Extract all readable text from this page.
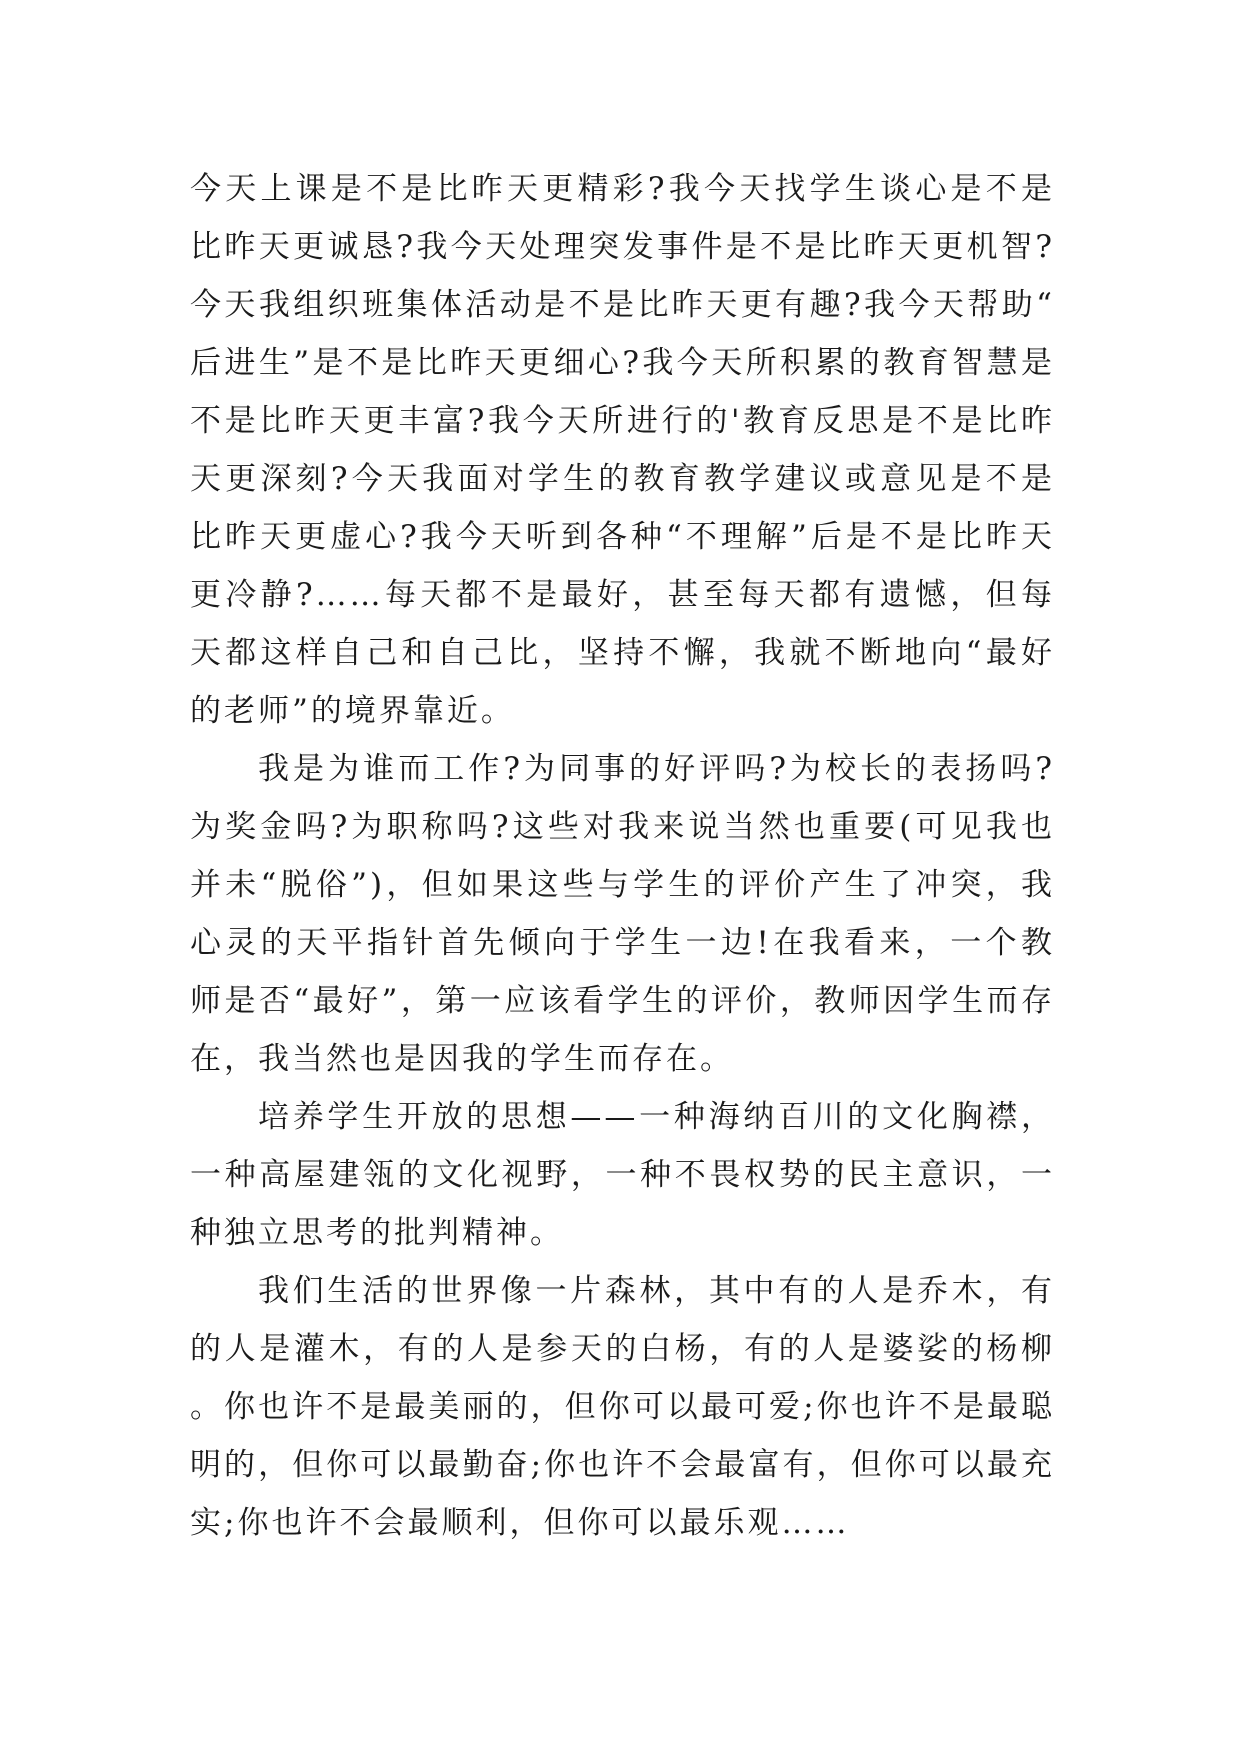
今天上课是不是比昨天更精彩?我今天找学生谈心是不是比昨天更诚恳?我今天处理突发事件是不是比昨天更机智?今天我组织班集体活动是不是比昨天更有趣?我今天帮助“后进生”是不是比昨天更细心?我今天所积累的教育智慧是不是比昨天更丰富?我今天所进行的'教育反思是不是比昨天更深刻?今天我面对学生的教育教学建议或意见是不是比昨天更虚心?我今天听到各种“不理解”后是不是比昨天更冷静?……每天都不是最好，甚至每天都有遗憾，但每天都这样自己和自己比，坚持不懈，我就不断地向“最好的老师”的境界靠近。

我是为谁而工作?为同事的好评吗?为校长的表扬吗?为奖金吗?为职称吗?这些对我来说当然也重要(可见我也并未“脱俗”)，但如果这些与学生的评价产生了冲突，我心灵的天平指针首先倾向于学生一边!在我看来，一个教师是否“最好”，第一应该看学生的评价，教师因学生而存在，我当然也是因我的学生而存在。

培养学生开放的思想——一种海纳百川的文化胸襟，一种高屋建瓴的文化视野，一种不畏权势的民主意识，一种独立思考的批判精神。

我们生活的世界像一片森林，其中有的人是乔木，有的人是灌木，有的人是参天的白杨，有的人是婆娑的杨柳。你也许不是最美丽的，但你可以最可爱;你也许不是最聪明的，但你可以最勤奋;你也许不会最富有，但你可以最充实;你也许不会最顺利，但你可以最乐观……
